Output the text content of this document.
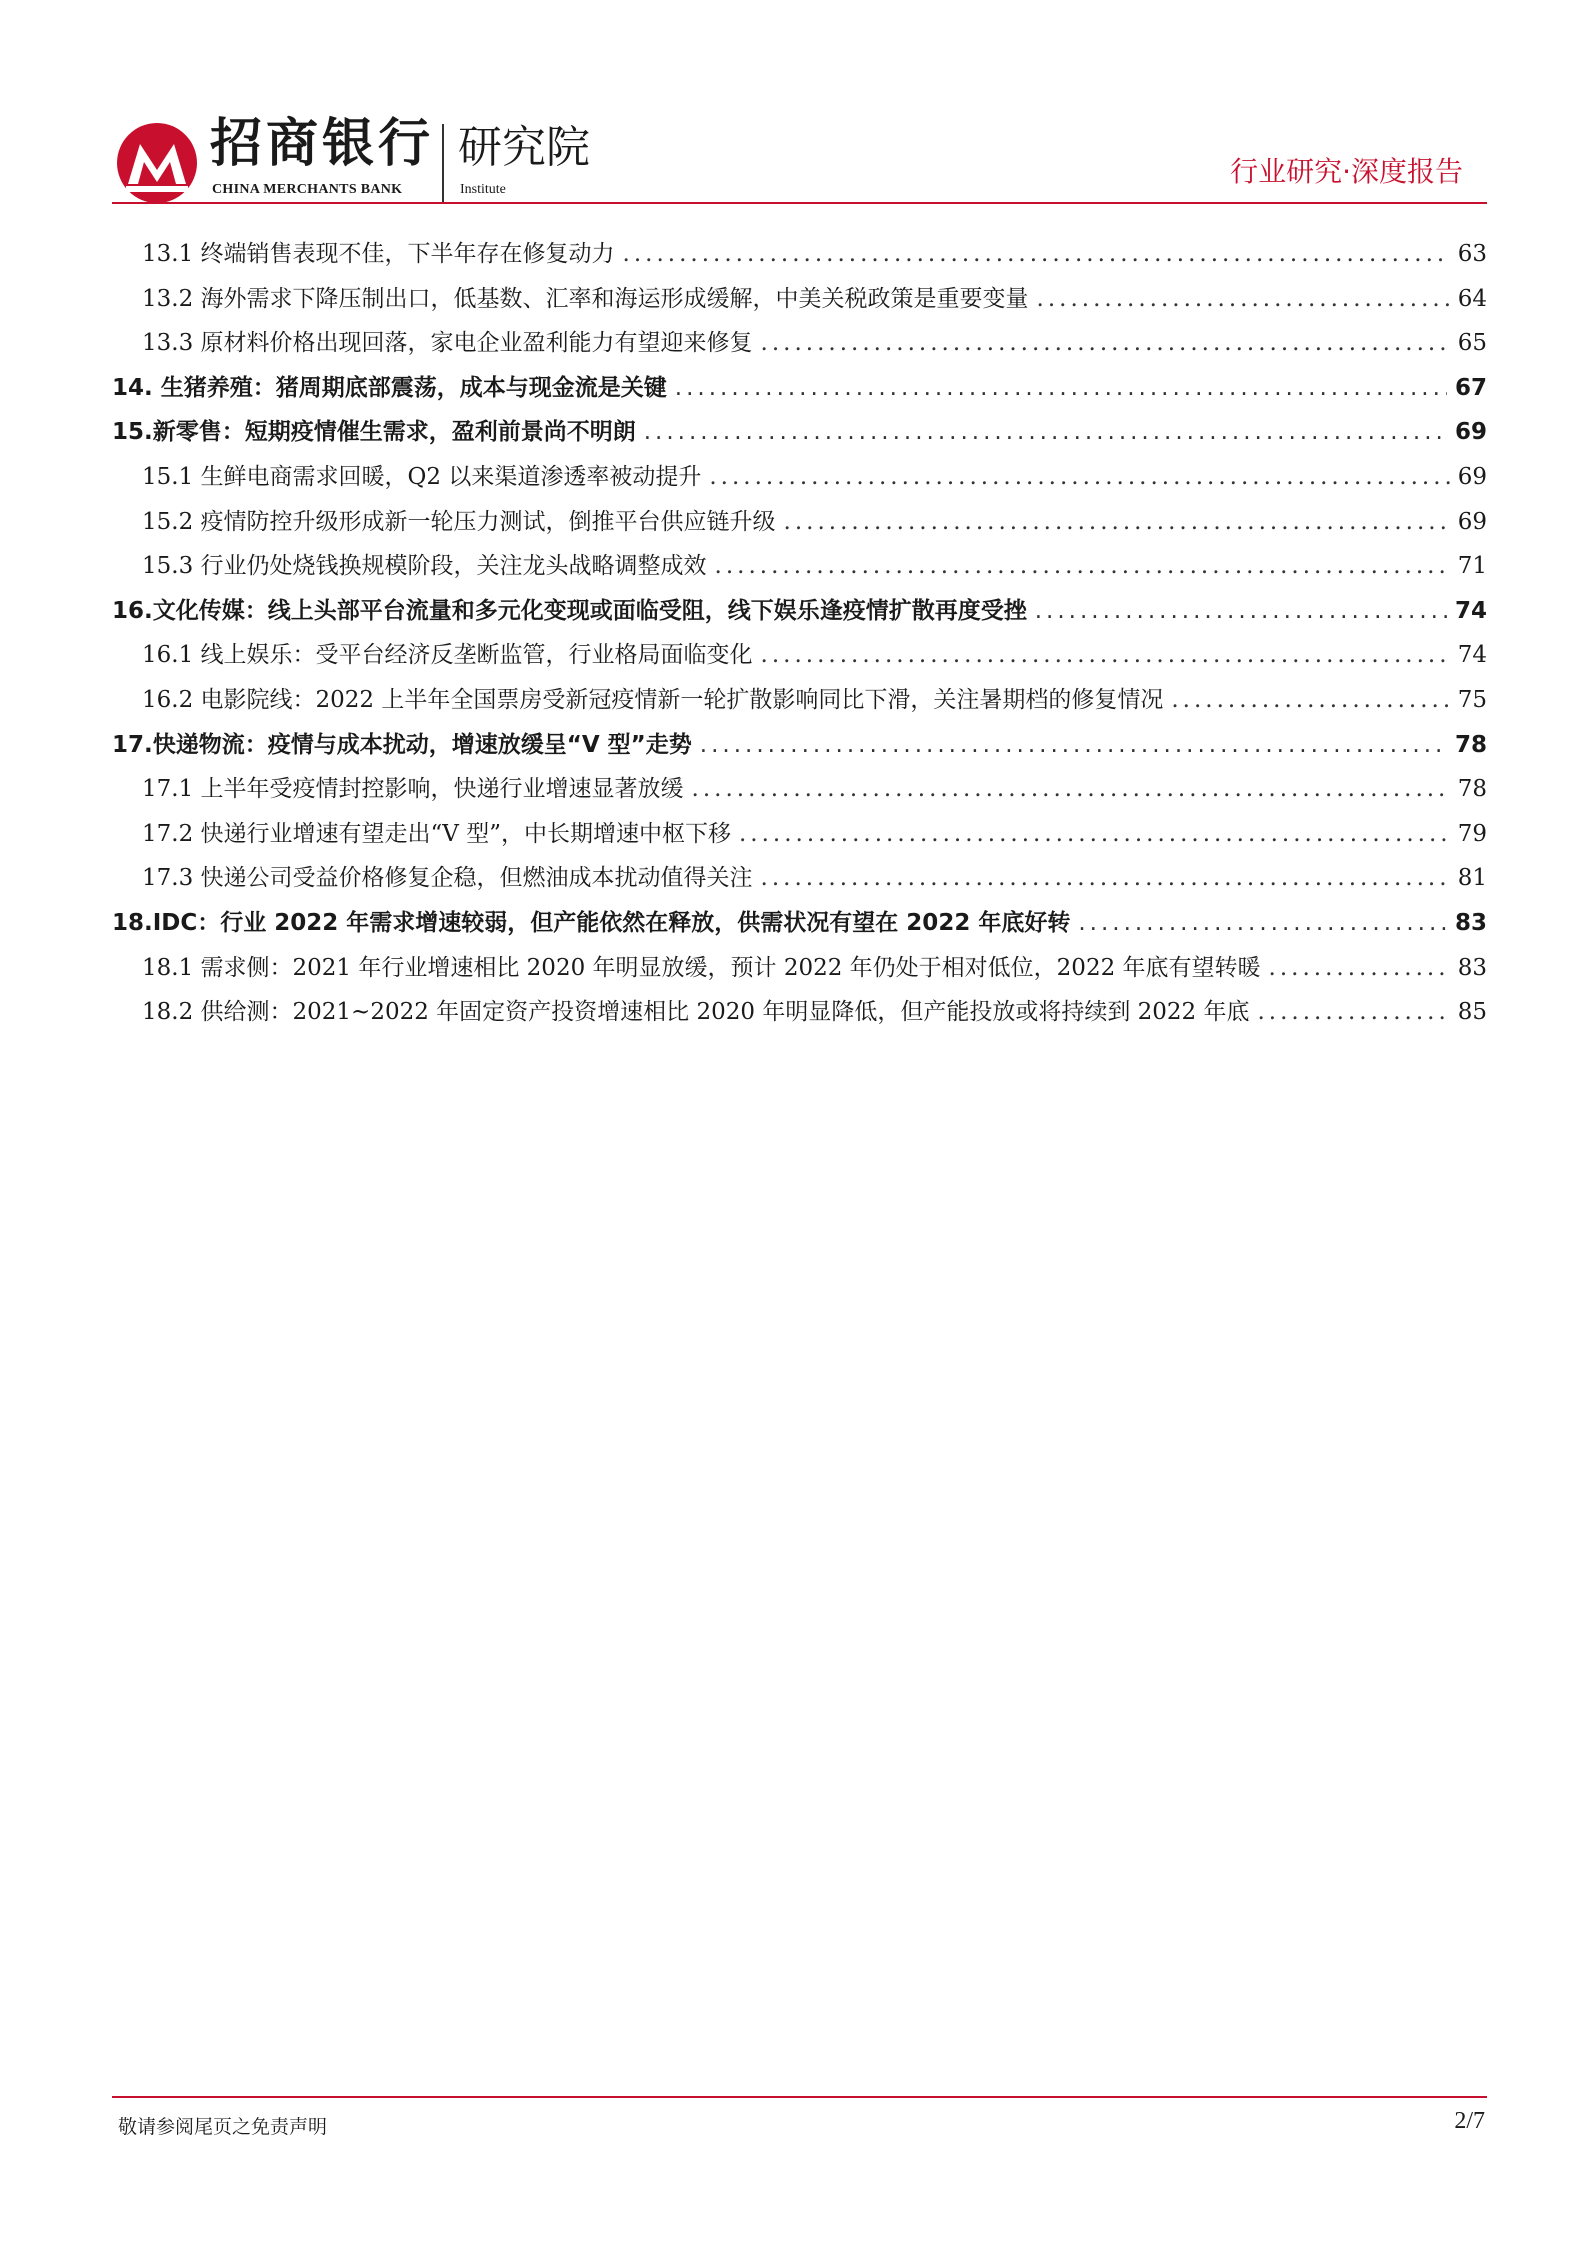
招商银行
CHINA MERCHANTS BANK
研究院
Institute
行业研究·深度报告
13.1 终端销售表现不佳，下半年存在修复动力 .....	63
13.2 海外需求下降压制出口，低基数、汇率和海运形成缓解，中美关税政策是重要变量 .....	64
13.3 原材料价格出现回落，家电企业盈利能力有望迎来修复 .....	65
14. 生猪养殖：猪周期底部震荡，成本与现金流是关键 .....	67
15.新零售：短期疫情催生需求，盈利前景尚不明朗 .....	69
15.1 生鲜电商需求回暖，Q2 以来渠道渗透率被动提升 .....	69
15.2 疫情防控升级形成新一轮压力测试，倒推平台供应链升级 .....	69
15.3 行业仍处烧钱换规模阶段，关注龙头战略调整成效 .....	71
16.文化传媒：线上头部平台流量和多元化变现或面临受阻，线下娱乐逢疫情扩散再度受挫 .....	74
16.1 线上娱乐：受平台经济反垄断监管，行业格局面临变化 .....	74
16.2 电影院线：2022 上半年全国票房受新冠疫情新一轮扩散影响同比下滑，关注暑期档的修复情况 .....	75
17.快递物流：疫情与成本扰动，增速放缓呈“V 型”走势 .....	78
17.1 上半年受疫情封控影响，快递行业增速显著放缓 .....	78
17.2 快递行业增速有望走出“V 型”，中长期增速中枢下移 .....	79
17.3 快递公司受益价格修复企稳，但燃油成本扰动值得关注 .....	81
18.IDC：行业 2022 年需求增速较弱，但产能依然在释放，供需状况有望在 2022 年底好转 .....	83
18.1 需求侧：2021 年行业增速相比 2020 年明显放缓，预计 2022 年仍处于相对低位，2022 年底有望转暖 .....	83
18.2 供给测：2021~2022 年固定资产投资增速相比 2020 年明显降低，但产能投放或将持续到 2022 年底 .....	85
敬请参阅尾页之免责声明	2/7
